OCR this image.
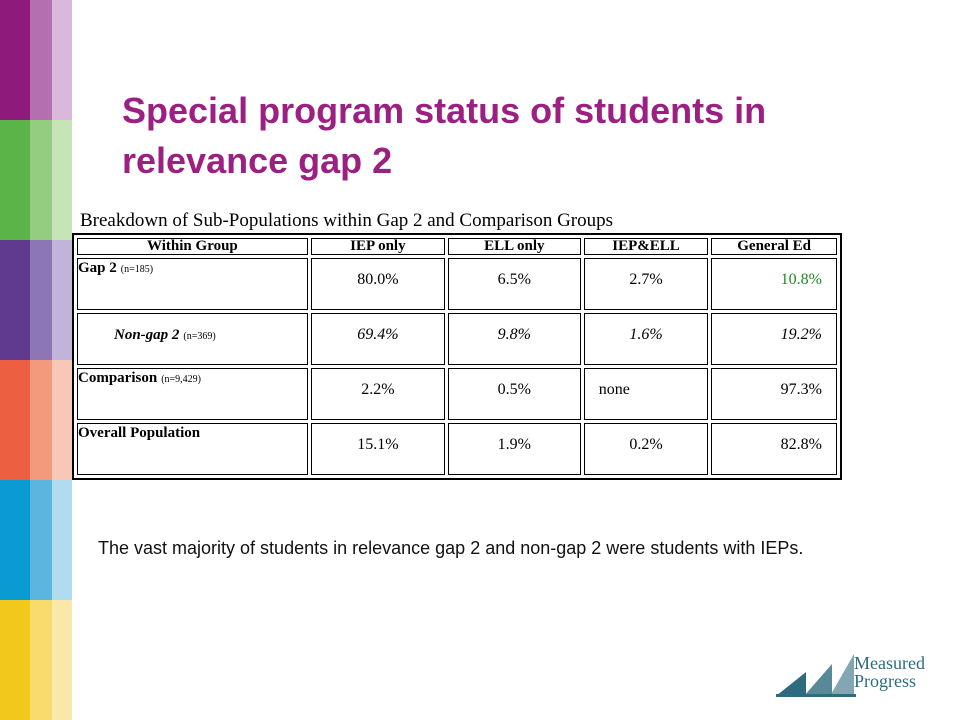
Special program status of students in relevance gap 2
Breakdown of Sub-Populations within Gap 2 and Comparison Groups
Within Group	IEP only	ELL only	IEP&ELL	General Ed
Gap 2 (n=185)	80.0%	6.5%	2.7%	10.8%

Non-gap 2 (n=369)	69.4%	9.8%	1.6%	19.2%

Comparison (n=9,429)	2.2%	0.5%	none	97.3%

Overall Population	15.1%	1.9%	0.2%	82.8%
The vast majority of students in relevance gap 2 and non-gap 2 were students with IEPs.
Measured
Progress
